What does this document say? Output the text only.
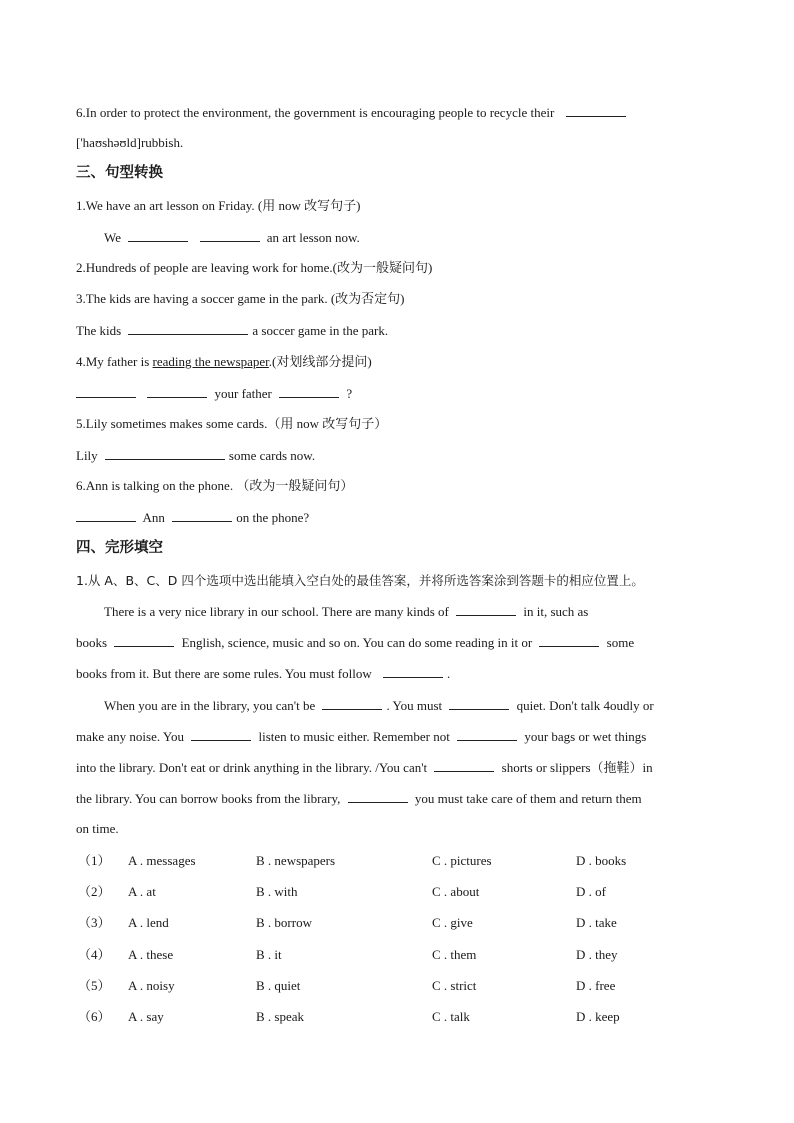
6.In order to protect the environment, the government is encouraging people to recycle their
['haʊshəʊld]rubbish.
三、句型转换
1.We have an art lesson on Friday. (用 now 改写句子)
We	an art lesson now.
2.Hundreds of people are leaving work for home.(改为一般疑问句)
3.The kids are having a soccer game in the park. (改为否定句)
The kids	a soccer game in the park.
4.My father is reading the newspaper.(对划线部分提问)
your father	?
5.Lily sometimes makes some cards.（用 now 改写句子）
Lily	some cards now.
6.Ann is talking on the phone. （改为一般疑问句）
Ann	on the phone?
四、完形填空
1.从 A、B、C、D 四个选项中选出能填入空白处的最佳答案，并将所选答案涂到答题卡的相应位置上。
There is a very nice library in our school. There are many kinds of	in it, such as
books	English, science, music and so on. You can do some reading in it or	some
books from it. But there are some rules. You must follow	.
When you are in the library, you can't be	. You must	quiet. Don't talk 4oudly or
make any noise. You	listen to music either. Remember not	your bags or wet things
into the library. Don't eat or drink anything in the library. /You can't	shorts or slippers（拖鞋）in
the library. You can borrow books from the library,	you must take care of them and return them
on time.
（1） A . messages	B . newspapers	C . pictures	D . books
（2） A . at	B . with	C . about	D . of
（3） A . lend	B . borrow	C . give	D . take
（4） A . these	B . it	C . them	D . they
（5） A . noisy	B . quiet	C . strict	D . free
（6） A . say	B . speak	C . talk	D . keep
